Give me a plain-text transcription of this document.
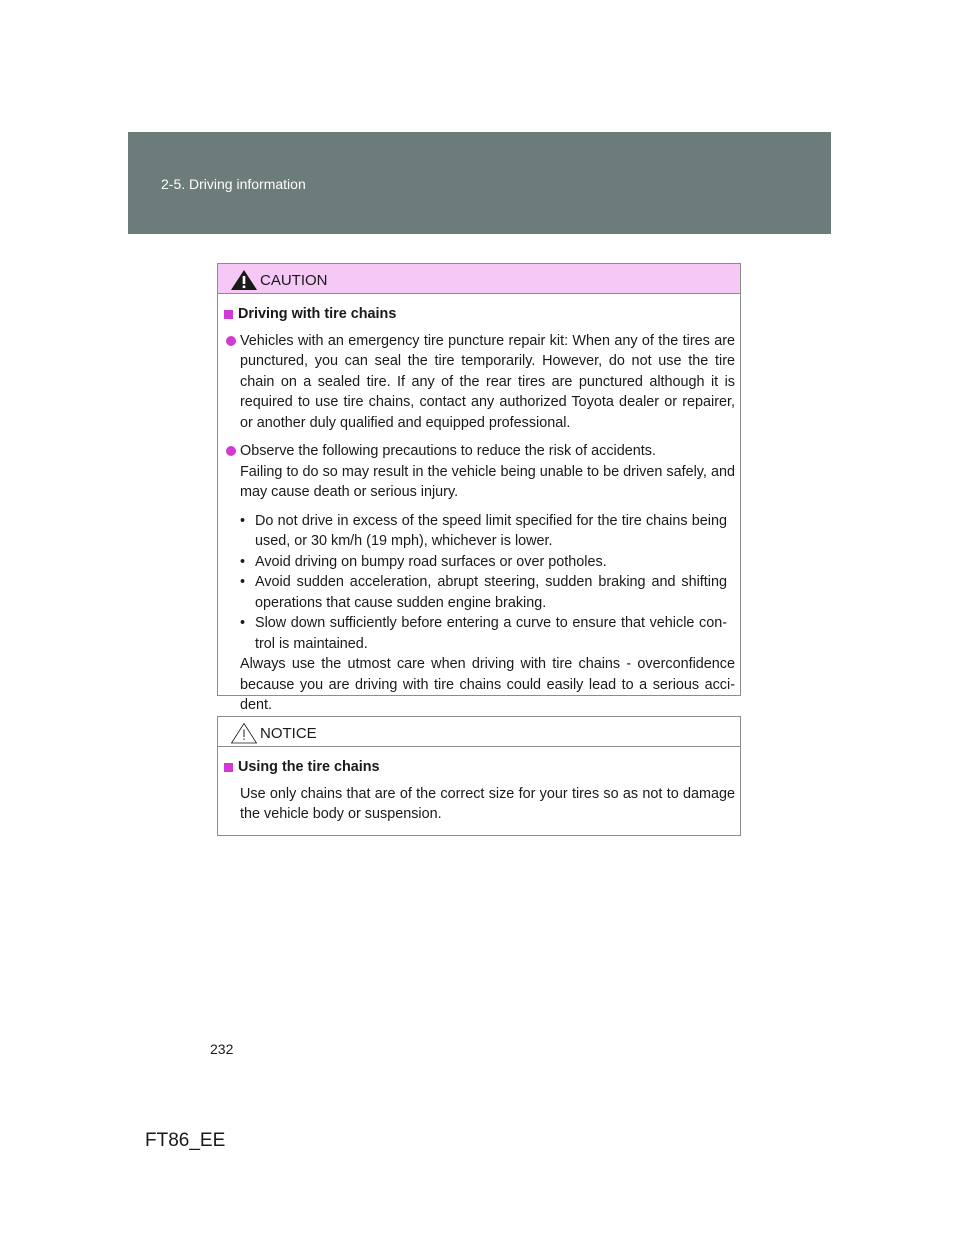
2-5. Driving information
CAUTION
Driving with tire chains
Vehicles with an emergency tire puncture repair kit: When any of the tires are punctured, you can seal the tire temporarily. However, do not use the tire chain on a sealed tire. If any of the rear tires are punctured although it is required to use tire chains, contact any authorized Toyota dealer or repairer, or another duly qualified and equipped professional.
Observe the following precautions to reduce the risk of accidents.
Failing to do so may result in the vehicle being unable to be driven safely, and may cause death or serious injury.
• Do not drive in excess of the speed limit specified for the tire chains being used, or 30 km/h (19 mph), whichever is lower.
• Avoid driving on bumpy road surfaces or over potholes.
• Avoid sudden acceleration, abrupt steering, sudden braking and shifting operations that cause sudden engine braking.
• Slow down sufficiently before entering a curve to ensure that vehicle con-trol is maintained.
Always use the utmost care when driving with tire chains - overconfidence because you are driving with tire chains could easily lead to a serious acci-dent.
NOTICE
Using the tire chains
Use only chains that are of the correct size for your tires so as not to damage the vehicle body or suspension.
232
FT86_EE
